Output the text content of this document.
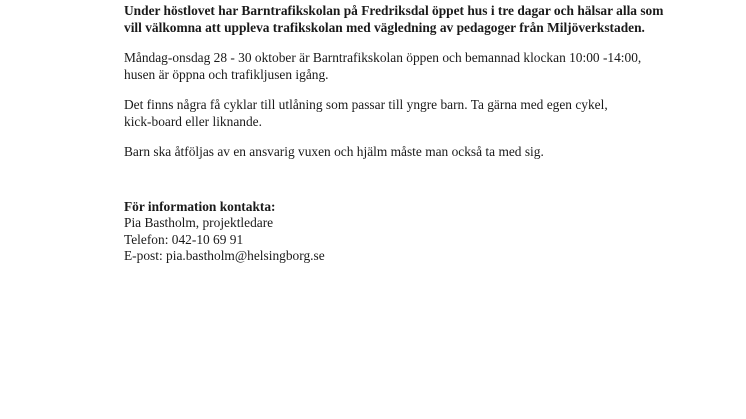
Under höstlovet har Barntrafikskolan på Fredriksdal öppet hus i tre dagar och hälsar alla som
vill välkomna att uppleva trafikskolan med vägledning av pedagoger från Miljöverkstaden.

Måndag-onsdag 28 - 30 oktober är Barntrafikskolan öppen och bemannad klockan 10:00 -14:00,
husen är öppna och trafikljusen igång.

Det finns några få cyklar till utlåning som passar till yngre barn. Ta gärna med egen cykel,
kick-board eller liknande.

Barn ska åtföljas av en ansvarig vuxen och hjälm måste man också ta med sig.

För information kontakta:
Pia Bastholm, projektledare
Telefon: 042-10 69 91
E-post: pia.bastholm@helsingborg.se
